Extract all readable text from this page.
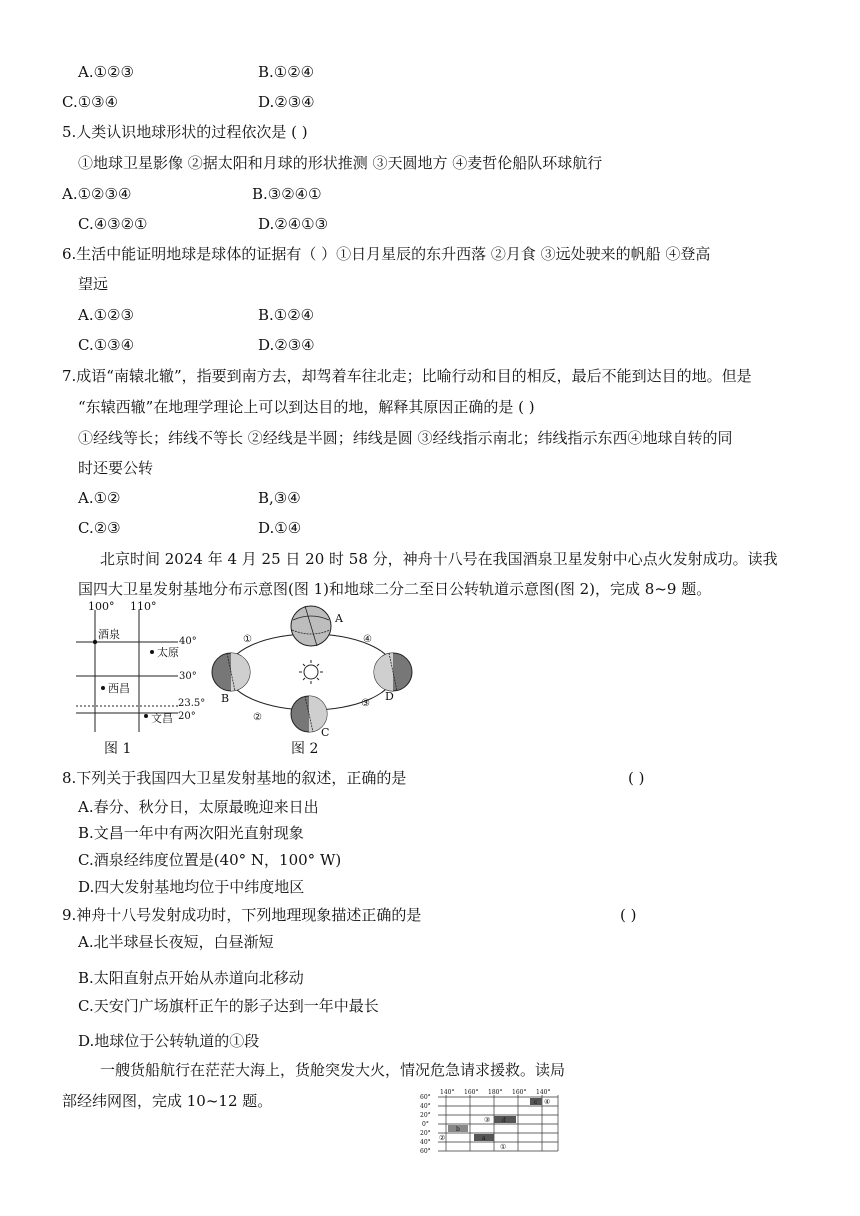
A.①②③	B.①②④
C.①③④	D.②③④
5.人类认识地球形状的过程依次是 ( )
①地球卫星影像 ②据太阳和月球的形状推测 ③天圆地方 ④麦哲伦船队环球航行
A.①②③④	B.③②④①
C.④③②①	D.②④①③
6.生活中能证明地球是球体的证据有（ ）①日月星辰的东升西落 ②月食 ③远处驶来的帆船 ④登高
望远
A.①②③	B.①②④
C.①③④	D.②③④
7.成语“南辕北辙”，指要到南方去，却驾着车往北走；比喻行动和目的相反，最后不能到达目的地。但是
“东辕西辙”在地理学理论上可以到达目的地，解释其原因正确的是 ( )
①经线等长；纬线不等长 ②经线是半圆；纬线是圆 ③经线指示南北；纬线指示东西④地球自转的同
时还要公转
A.①②	B,③④
C.②③	D.①④
北京时间 2024 年 4 月 25 日 20 时 58 分，神舟十八号在我国酒泉卫星发射中心点火发射成功。读我
国四大卫星发射基地分布示意图(图 1)和地球二分二至日公转轨道示意图(图 2)，完成 8~9 题。
100° 110°
40°
30°
23.5°
20°
酒泉
太原
西昌
文昌
图 1
A
B
C
D
①
②
③
④
图 2
8.下列关于我国四大卫星发射基地的叙述，正确的是	( )
A.春分、秋分日，太原最晚迎来日出
B.文昌一年中有两次阳光直射现象
C.酒泉经纬度位置是(40° N，100° W)
D.四大发射基地均位于中纬度地区
9.神舟十八号发射成功时，下列地理现象描述正确的是	( )
A.北半球昼长夜短，白昼渐短
B.太阳直射点开始从赤道向北移动
C.天安门广场旗杆正午的影子达到一年中最长
D.地球位于公转轨道的①段
一艘货船航行在茫茫大海上，货舱突发大火，情况危急请求援救。读局
部经纬网图，完成 10~12 题。	140° 160° 180° 160° 140°
60°
40°
20°
0°
20°
40°
60°
①
②
③
④
a
b
c
d
